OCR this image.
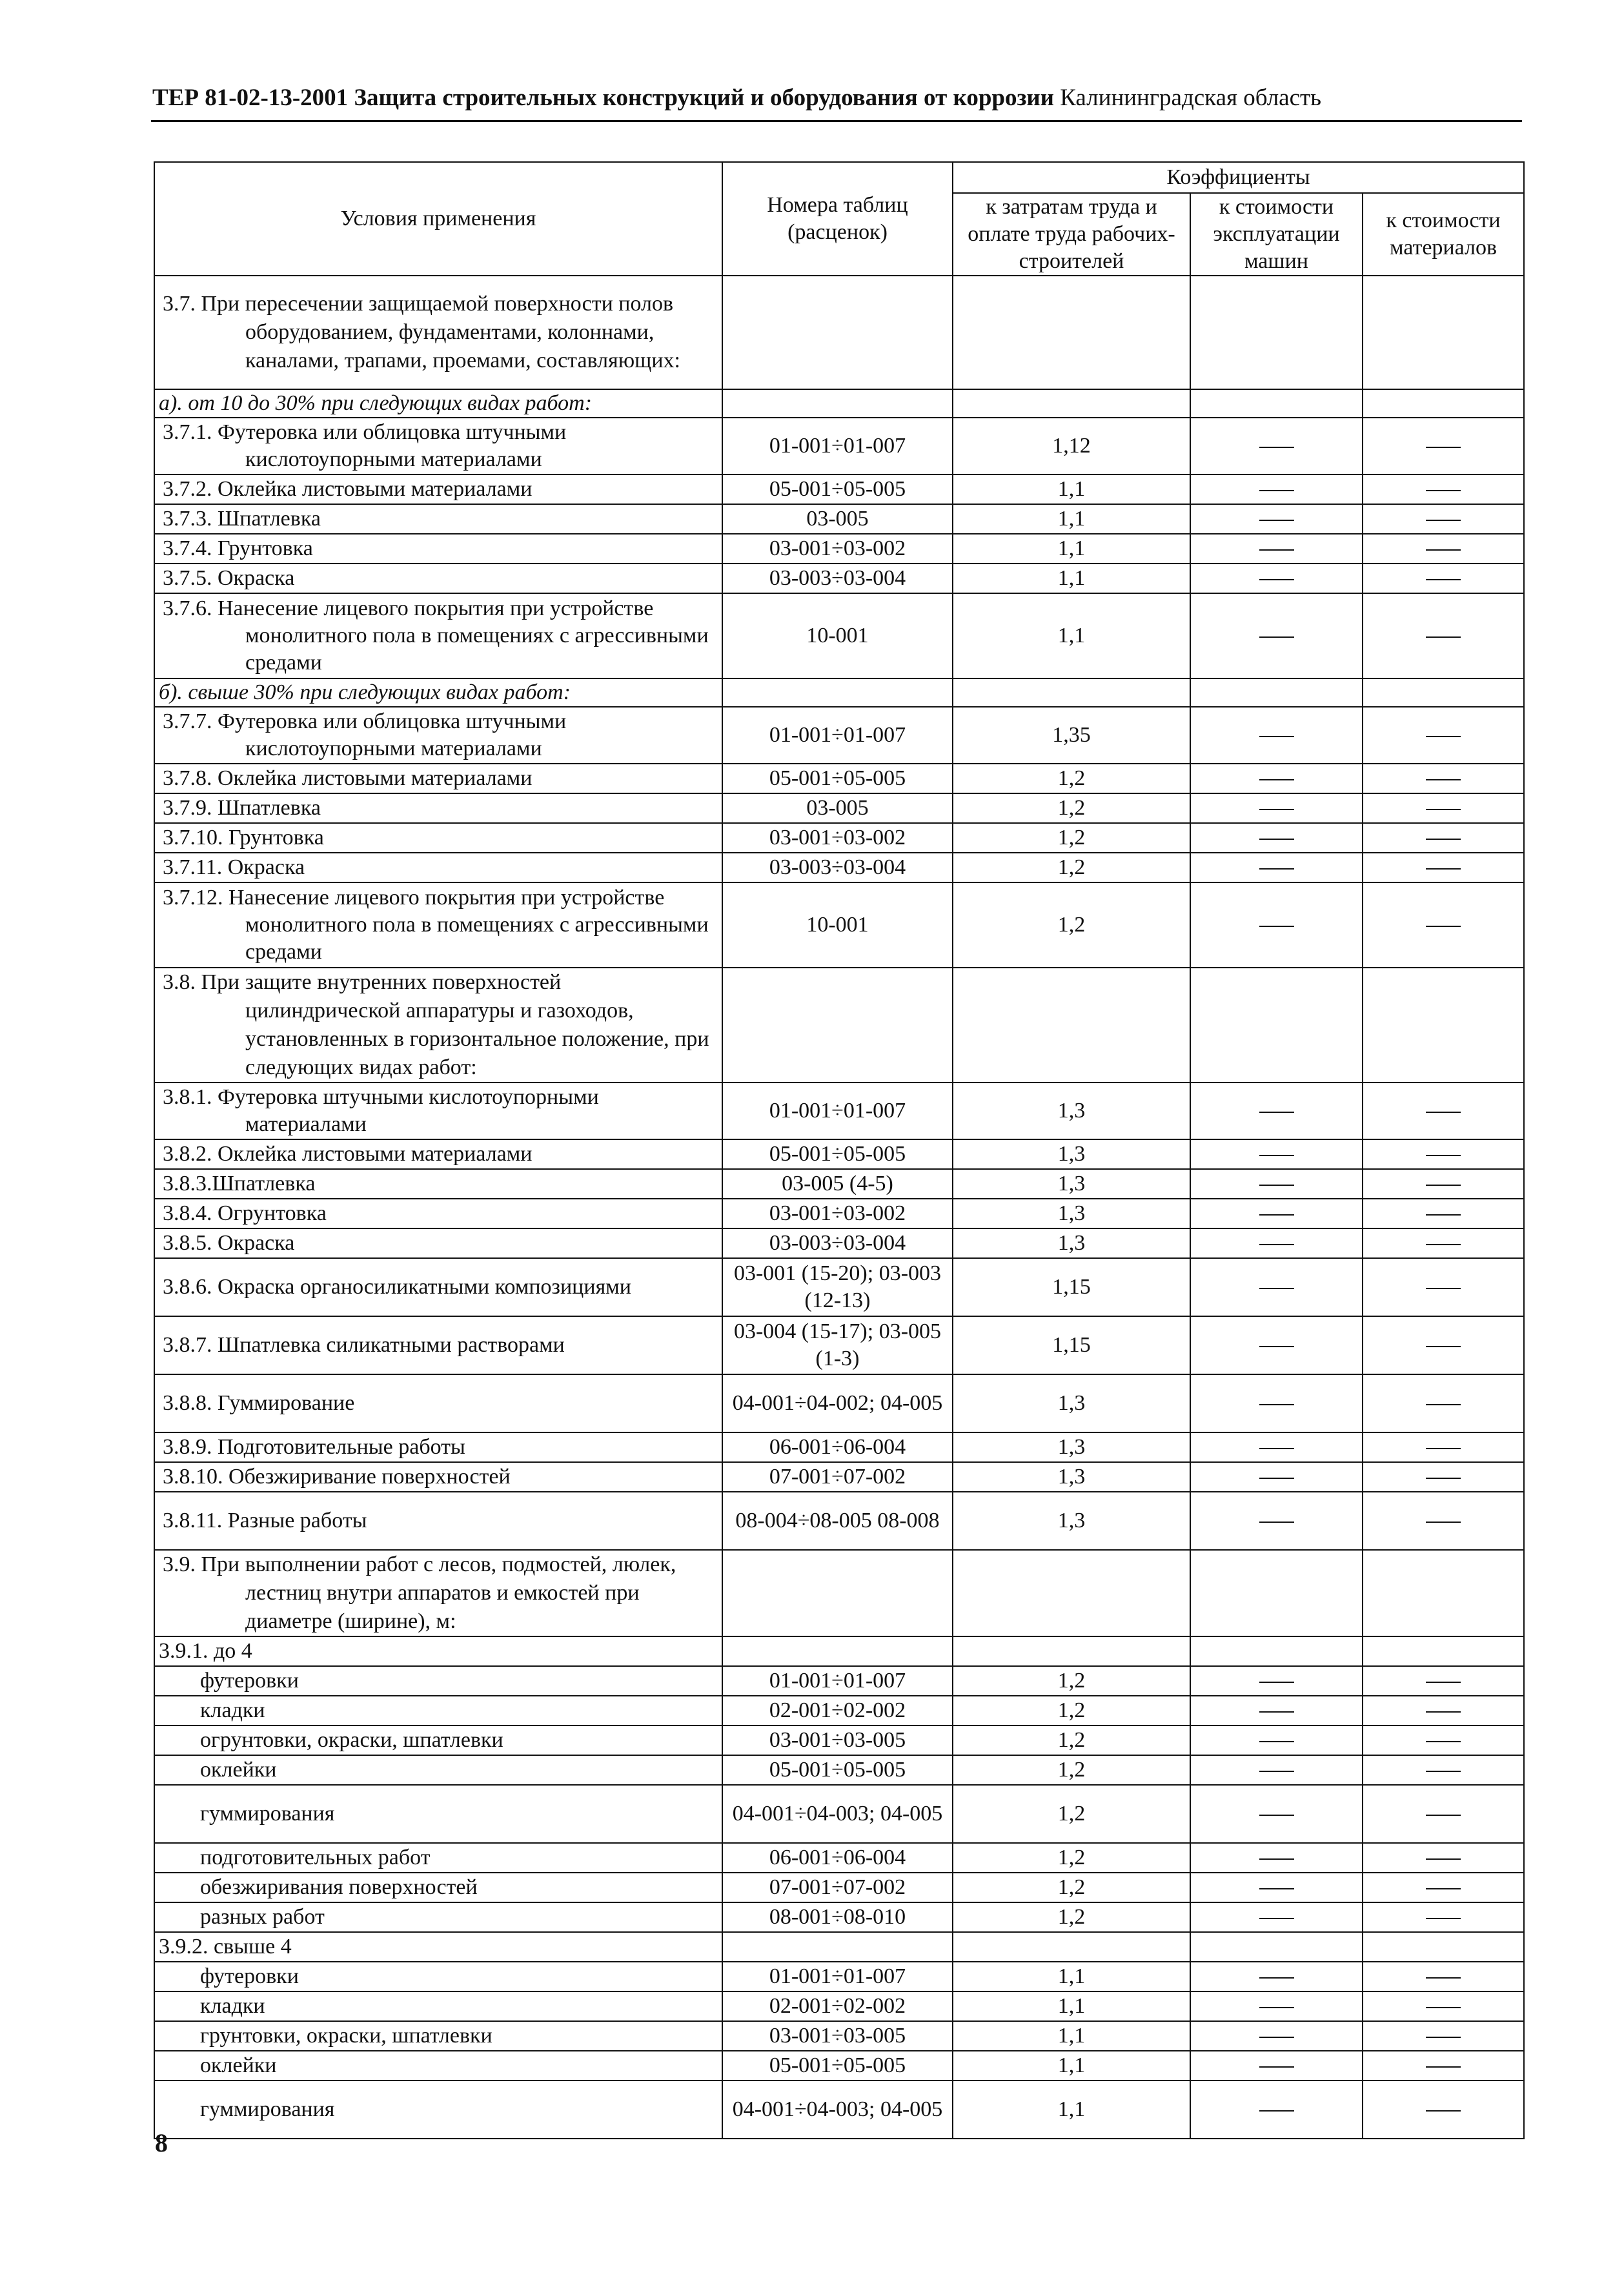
ТЕР 81-02-13-2001 Защита строительных конструкций и оборудования от коррозии Калининградская область
Условия применения	Номера таблиц (расценок)	Коэффициенты		
		к затратам труда и оплате труда рабочих-строителей	к стоимости эксплуатации машин	к стоимости материалов
3.7. При пересечении защищаемой поверхности полов оборудованием, фундаментами, колоннами, каналами, трапами, проемами, составляющих:				
а). от 10 до 30% при следующих видах работ:				
3.7.1. Футеровка или облицовка штучными кислотоупорными материалами	01-001÷01-007	1,12		
3.7.2. Оклейка листовыми материалами	05-001÷05-005	1,1		
3.7.3. Шпатлевка	03-005	1,1		
3.7.4. Грунтовка	03-001÷03-002	1,1		
3.7.5. Окраска	03-003÷03-004	1,1		
3.7.6. Нанесение лицевого покрытия при устройстве монолитного пола в помещениях с агрессивными средами	10-001	1,1		
б). свыше 30% при следующих видах работ:				
3.7.7. Футеровка или облицовка штучными кислотоупорными материалами	01-001÷01-007	1,35		
3.7.8. Оклейка листовыми материалами	05-001÷05-005	1,2		
3.7.9. Шпатлевка	03-005	1,2		
3.7.10. Грунтовка	03-001÷03-002	1,2		
3.7.11. Окраска	03-003÷03-004	1,2		
3.7.12. Нанесение лицевого покрытия при устройстве монолитного пола в помещениях с агрессивными средами	10-001	1,2		
3.8. При защите внутренних поверхностей цилиндрической аппаратуры и газоходов, установленных в горизонтальное положение, при следующих видах работ:				
3.8.1. Футеровка штучными кислотоупорными материалами	01-001÷01-007	1,3		
3.8.2. Оклейка листовыми материалами	05-001÷05-005	1,3		
3.8.3.Шпатлевка	03-005 (4-5)	1,3		
3.8.4. Огрунтовка	03-001÷03-002	1,3		
3.8.5. Окраска	03-003÷03-004	1,3		
3.8.6. Окраска органосиликатными композициями	03-001 (15-20); 03-003 (12-13)	1,15		
3.8.7. Шпатлевка силикатными растворами	03-004 (15-17); 03-005 (1-3)	1,15		
3.8.8. Гуммирование	04-001÷04-002; 04-005	1,3		
3.8.9. Подготовительные работы	06-001÷06-004	1,3		
3.8.10. Обезжиривание поверхностей	07-001÷07-002	1,3		
3.8.11. Разные работы	08-004÷08-005 08-008	1,3		
3.9. При выполнении работ с лесов, подмостей, люлек, лестниц внутри аппаратов и емкостей при диаметре (ширине), м:				
3.9.1. до 4				
футеровки	01-001÷01-007	1,2		
кладки	02-001÷02-002	1,2		
огрунтовки, окраски, шпатлевки	03-001÷03-005	1,2		
оклейки	05-001÷05-005	1,2		
гуммирования	04-001÷04-003; 04-005	1,2		
подготовительных работ	06-001÷06-004	1,2		
обезжиривания поверхностей	07-001÷07-002	1,2		
разных работ	08-001÷08-010	1,2		
3.9.2. свыше 4				
футеровки	01-001÷01-007	1,1		
кладки	02-001÷02-002	1,1		
грунтовки, окраски, шпатлевки	03-001÷03-005	1,1		
оклейки	05-001÷05-005	1,1		
гуммирования	04-001÷04-003; 04-005	1,1		
8
